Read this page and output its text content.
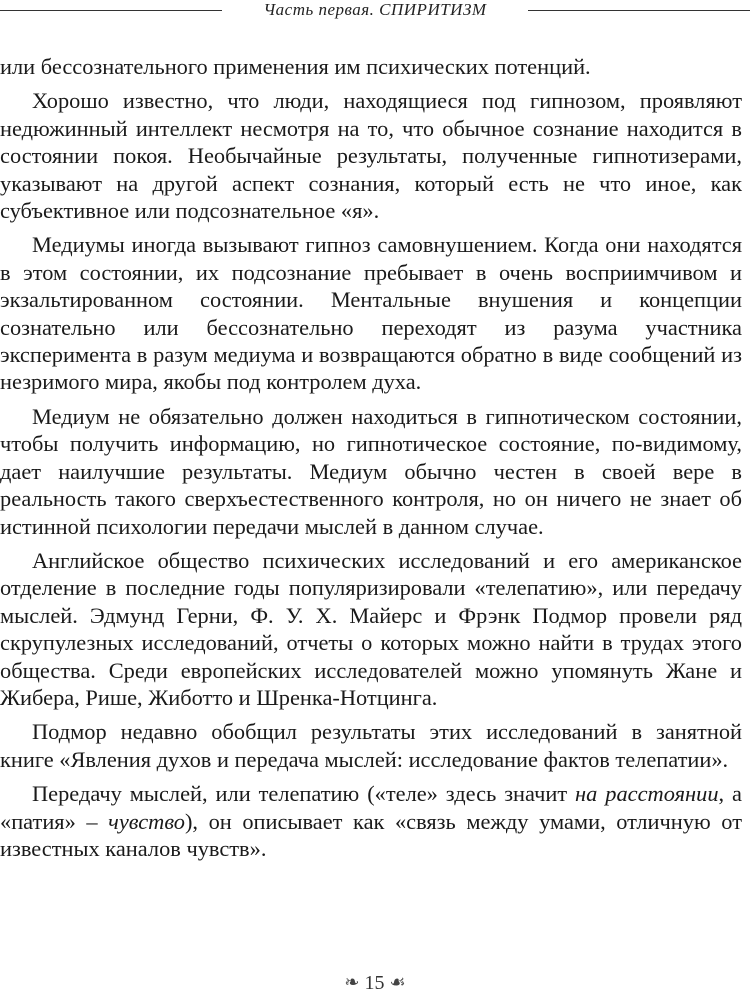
Часть первая. СПИРИТИЗМ

или бессознательного применения им психических потенций.

Хорошо известно, что люди, находящиеся под гипнозом, проявляют недюжинный интеллект несмотря на то, что обычное сознание находится в состоянии покоя. Необычайные результаты, полученные гипнотизерами, указывают на другой аспект сознания, который есть не что иное, как субъективное или подсознательное «я».

Медиумы иногда вызывают гипноз самовнушением. Когда они находятся в этом состоянии, их подсознание пребывает в очень восприимчивом и экзальтированном состоянии. Ментальные внушения и концепции сознательно или бессознательно переходят из разума участника эксперимента в разум медиума и возвращаются обратно в виде сообщений из незримого мира, якобы под контролем духа.

Медиум не обязательно должен находиться в гипнотическом состоянии, чтобы получить информацию, но гипнотическое состояние, по-видимому, дает наилучшие результаты. Медиум обычно честен в своей вере в реальность такого сверхъестественного контроля, но он ничего не знает об истинной психологии передачи мыслей в данном случае.

Английское общество психических исследований и его американское отделение в последние годы популяризировали «телепатию», или передачу мыслей. Эдмунд Герни, Ф. У. Х. Майерс и Фрэнк Подмор провели ряд скрупулезных исследований, отчеты о которых можно найти в трудах этого общества. Среди европейских исследователей можно упомянуть Жане и Жибера, Рише, Жиботто и Шренка-Нотцинга.

Подмор недавно обобщил результаты этих исследований в занятной книге «Явления духов и передача мыслей: исследование фактов телепатии».

Передачу мыслей, или телепатию («теле» здесь значит на расстоянии, а «патия» – чувство), он описывает как «связь между умами, отличную от известных каналов чувств».

❧ 15 ☙
